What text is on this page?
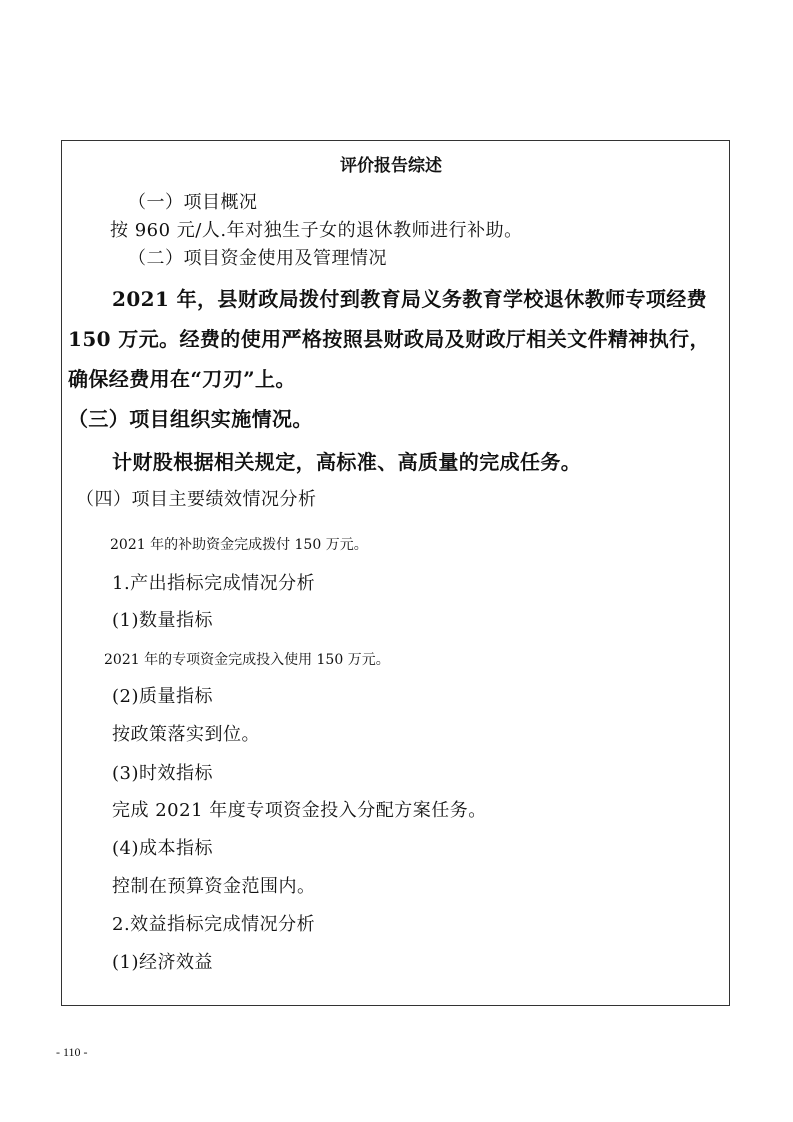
评价报告综述
（一）项目概况
按 960 元/人.年对独生子女的退休教师进行补助。
（二）项目资金使用及管理情况
2021 年，县财政局拨付到教育局义务教育学校退休教师专项经费
150 万元。经费的使用严格按照县财政局及财政厅相关文件精神执行，
确保经费用在“刀刃”上。
（三）项目组织实施情况。
计财股根据相关规定，高标准、高质量的完成任务。
（四）项目主要绩效情况分析
2021 年的补助资金完成拨付 150 万元。
1.产出指标完成情况分析
(1)数量指标
2021 年的专项资金完成投入使用 150 万元。
(2)质量指标
按政策落实到位。
(3)时效指标
完成 2021 年度专项资金投入分配方案任务。
(4)成本指标
控制在预算资金范围内。
2.效益指标完成情况分析
(1)经济效益
- 110 -
